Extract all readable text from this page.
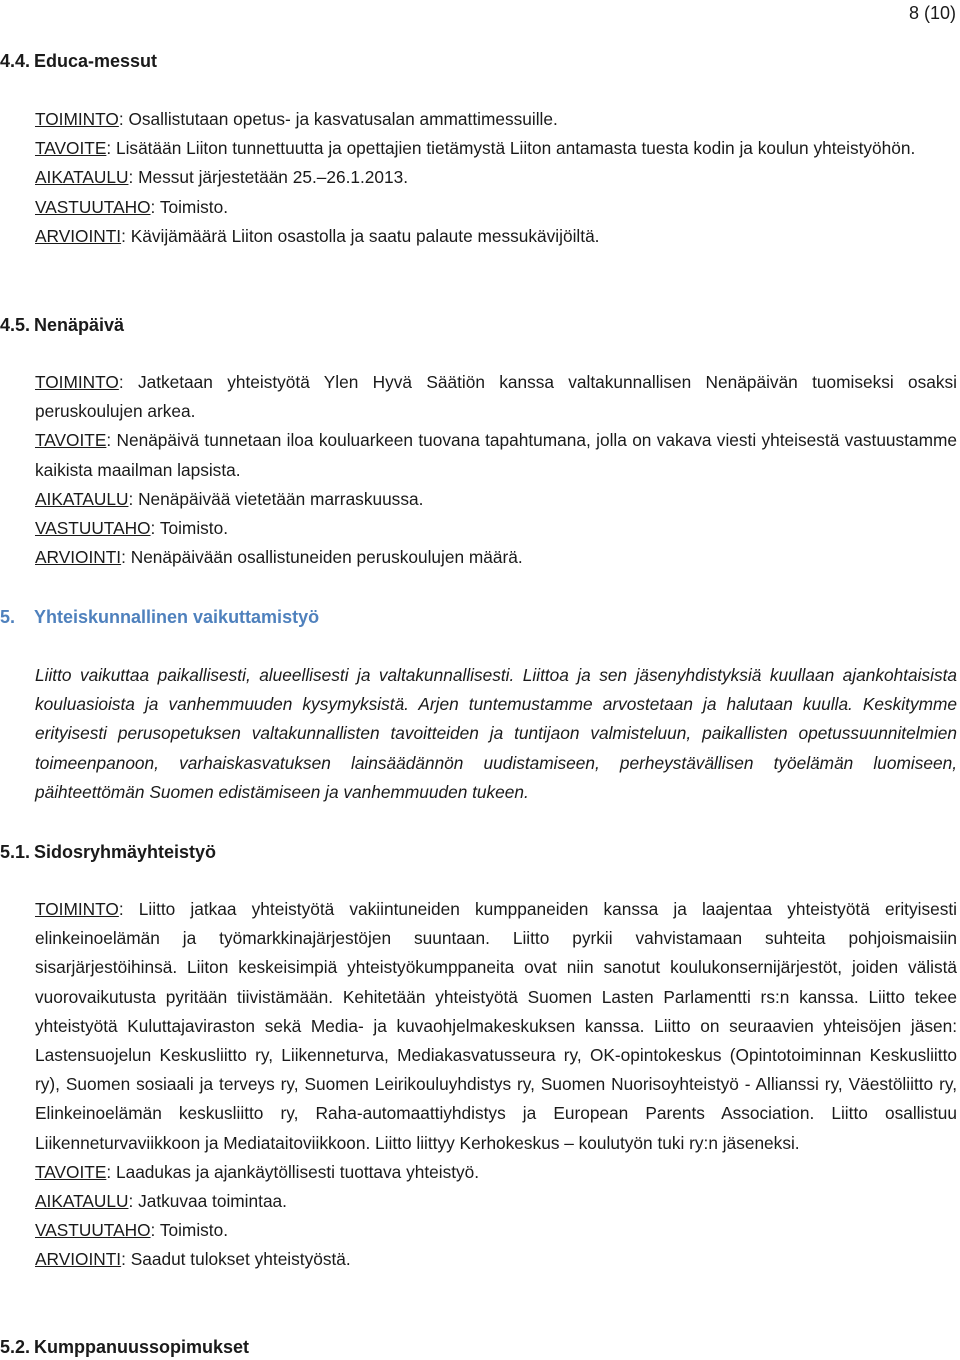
8 (10)
4.4. Educa-messut

TOIMINTO: Osallistutaan opetus- ja kasvatusalan ammattimessuille.

TAVOITE: Lisätään Liiton tunnettuutta ja opettajien tietämystä Liiton antamasta tuesta kodin ja koulun yhteistyöhön.

AIKATAULU: Messut järjestetään 25.–26.1.2013.

VASTUUTAHO: Toimisto.

ARVIOINTI: Kävijämäärä Liiton osastolla ja saatu palaute messukävijöiltä.

4.5. Nenäpäivä

TOIMINTO: Jatketaan yhteistyötä Ylen Hyvä Säätiön kanssa valtakunnallisen Nenäpäivän tuomiseksi osaksi peruskoulujen arkea.

TAVOITE: Nenäpäivä tunnetaan iloa kouluarkeen tuovana tapahtumana, jolla on vakava viesti yhteisestä vastuustamme kaikista maailman lapsista.

AIKATAULU: Nenäpäivää vietetään marraskuussa.

VASTUUTAHO: Toimisto.

ARVIOINTI: Nenäpäivään osallistuneiden peruskoulujen määrä.

5. Yhteiskunnallinen vaikuttamistyö

Liitto vaikuttaa paikallisesti, alueellisesti ja valtakunnallisesti. Liittoa ja sen jäsenyhdistyksiä kuullaan ajankohtaisista kouluasioista ja vanhemmuuden kysymyksistä. Arjen tuntemustamme arvostetaan ja halutaan kuulla. Keskitymme erityisesti perusopetuksen valtakunnallisten tavoitteiden ja tuntijaon valmisteluun, paikallisten opetussuunnitelmien toimeenpanoon, varhaiskasvatuksen lainsäädännön uudistamiseen, perheystävällisen työelämän luomiseen, päihteettömän Suomen edistämiseen ja vanhemmuuden tukeen.

5.1. Sidosryhmäyhteistyö

TOIMINTO: Liitto jatkaa yhteistyötä vakiintuneiden kumppaneiden kanssa ja laajentaa yhteistyötä erityisesti elinkeinoelämän ja työmarkkinajärjestöjen suuntaan. Liitto pyrkii vahvistamaan suhteita pohjoismaisiin sisarjärjestöihinsä. Liiton keskeisimpiä yhteistyökumppaneita ovat niin sanotut koulukonsernijärjestöt, joiden välistä vuorovaikutusta pyritään tiivistämään. Kehitetään yhteistyötä Suomen Lasten Parlamentti rs:n kanssa. Liitto tekee yhteistyötä Kuluttajaviraston sekä Media- ja kuvaohjelmakeskuksen kanssa. Liitto on seuraavien yhteisöjen jäsen: Lastensuojelun Keskusliitto ry, Liikenneturva, Mediakasvatusseura ry, OK-opintokeskus (Opintotoiminnan Keskusliitto ry), Suomen sosiaali ja terveys ry, Suomen Leirikouluyhdistys ry, Suomen Nuorisoyhteistyö - Allianssi ry, Väestöliitto ry, Elinkeinoelämän keskusliitto ry, Raha-automaattiyhdistys ja European Parents Association. Liitto osallistuu Liikenneturvaviikkoon ja Mediataitoviikkoon. Liitto liittyy Kerhokeskus – koulutyön tuki ry:n jäseneksi.

TAVOITE: Laadukas ja ajankäytöllisesti tuottava yhteistyö.

AIKATAULU: Jatkuvaa toimintaa.

VASTUUTAHO: Toimisto.

ARVIOINTI: Saadut tulokset yhteistyöstä.

5.2. Kumppanuussopimukset
